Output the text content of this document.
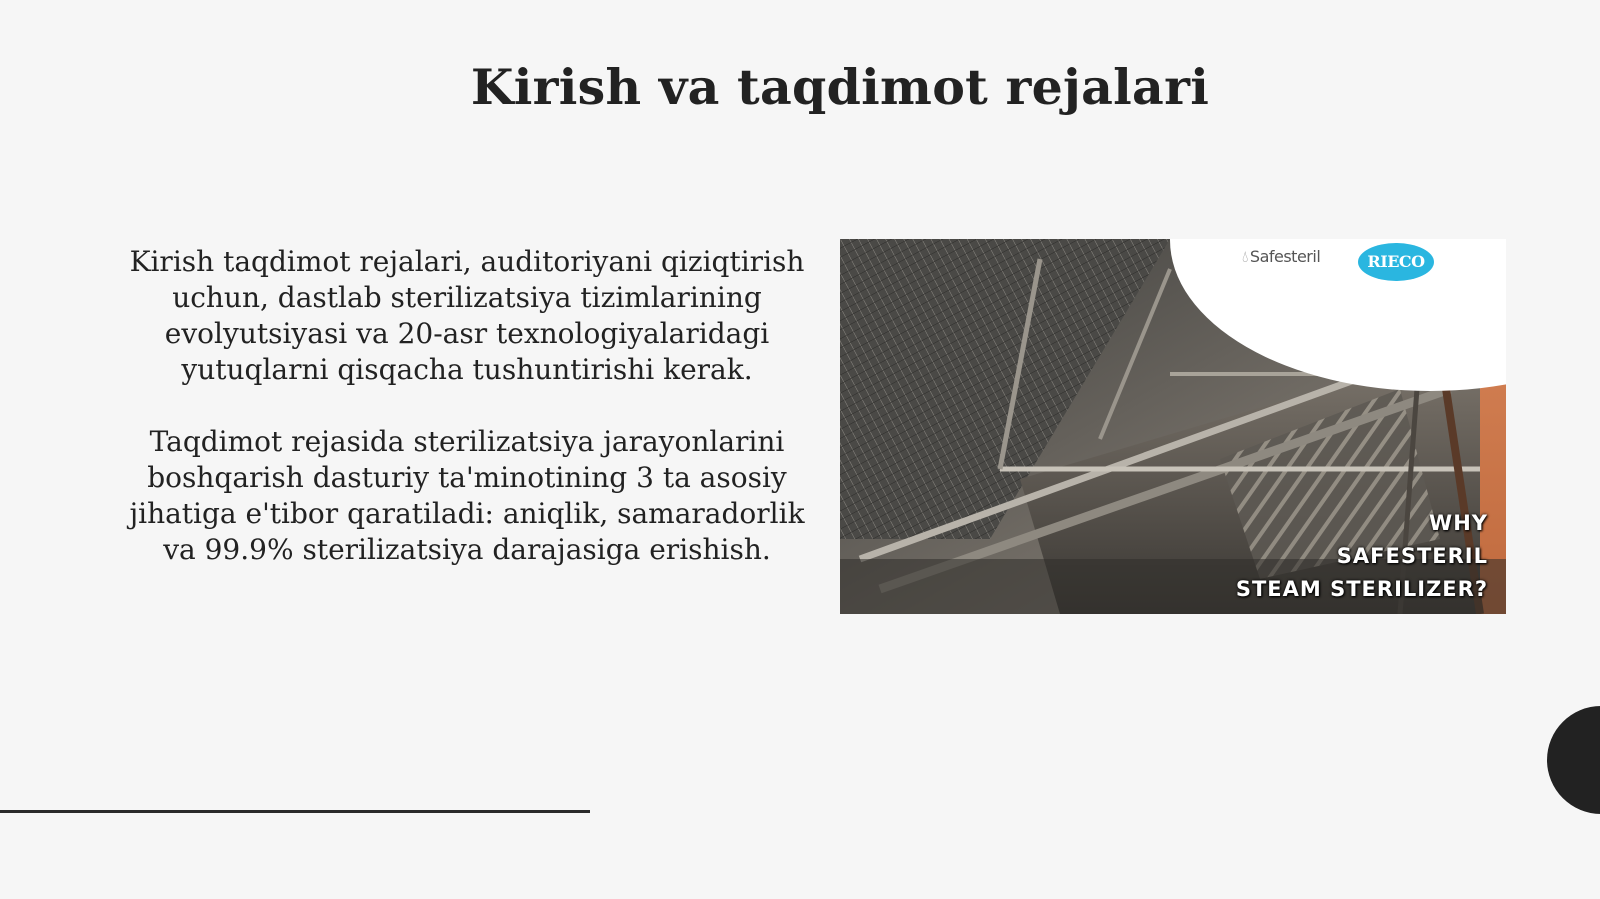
Kirish va taqdimot rejalari

Kirish taqdimot rejalari, auditoriyani qiziqtirish uchun, dastlab sterilizatsiya tizimlarining evolyutsiyasi va 20-asr texnologiyalaridagi yutuqlarni qisqacha tushuntirishi kerak.

Taqdimot rejasida sterilizatsiya jarayonlarini boshqarish dasturiy ta'minotining 3 ta asosiy jihatiga e'tibor qaratiladi: aniqlik, samaradorlik va 99.9% sterilizatsiya darajasiga erishish.

💧︎ Safesteril	RIECO
WHY
SAFESTERIL
STEAM STERILIZER?
